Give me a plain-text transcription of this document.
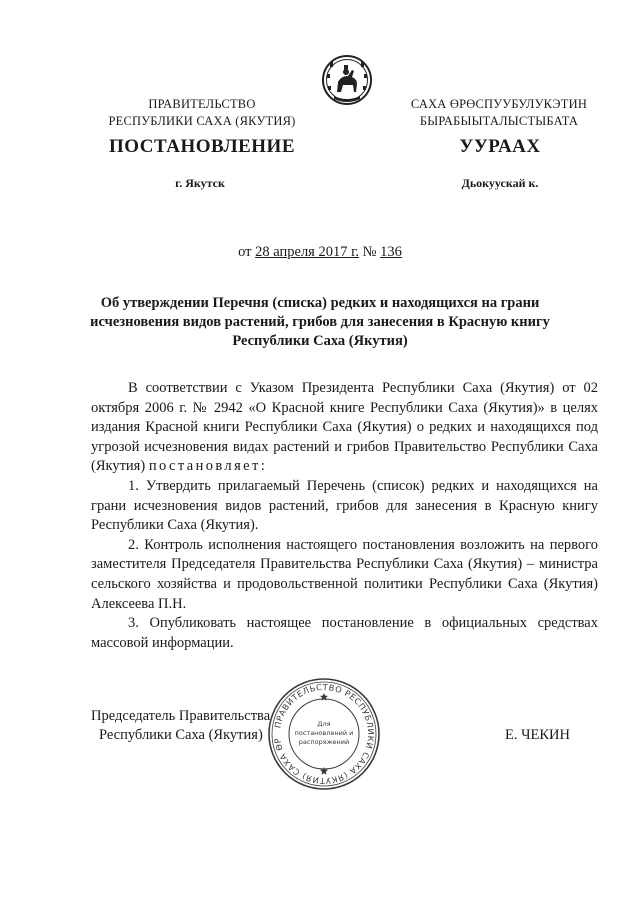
ПРАВИТЕЛЬСТВО
РЕСПУБЛИКИ САХА (ЯКУТИЯ)
САХА ӨРӨСПУУБУЛУКЭТИН
БЫРАБЫЫТАЛЫСТЫБАТА
ПОСТАНОВЛЕНИЕ	УУРААХ
г. Якутск	Дьокуускай к.
от 28 апреля 2017 г. № 136
Об утверждении Перечня (списка) редких и находящихся на грани
исчезновения видов растений, грибов для занесения в Красную книгу
Республики Саха (Якутия)

В соответствии с Указом Президента Республики Саха (Якутия) от 02 октября 2006 г. № 2942 «О Красной книге Республики Саха (Якутия)» в целях издания Красной книги Республики Саха (Якутия) о редких и находящихся под угрозой исчезновения видах растений и грибов Правительство Республики Саха (Якутия) постановляет:

1. Утвердить прилагаемый Перечень (список) редких и находящихся на грани исчезновения видов растений, грибов для занесения в Красную книгу Республики Саха (Якутия).

2. Контроль исполнения настоящего постановления возложить на первого заместителя Председателя Правительства Республики Саха (Якутия) – министра сельского хозяйства и продовольственной политики Республики Саха (Якутия) Алексеева П.Н.

3. Опубликовать настоящее постановление в официальных средствах массовой информации.

Председатель Правительства
Республики Саха (Якутия)	Е. ЧЕКИН
ПРАВИТЕЛЬСТВО РЕСПУБЛИКИ САХА (ЯКУТИЯ) САХА ӨР
Для
постановлений и
распоряжений
